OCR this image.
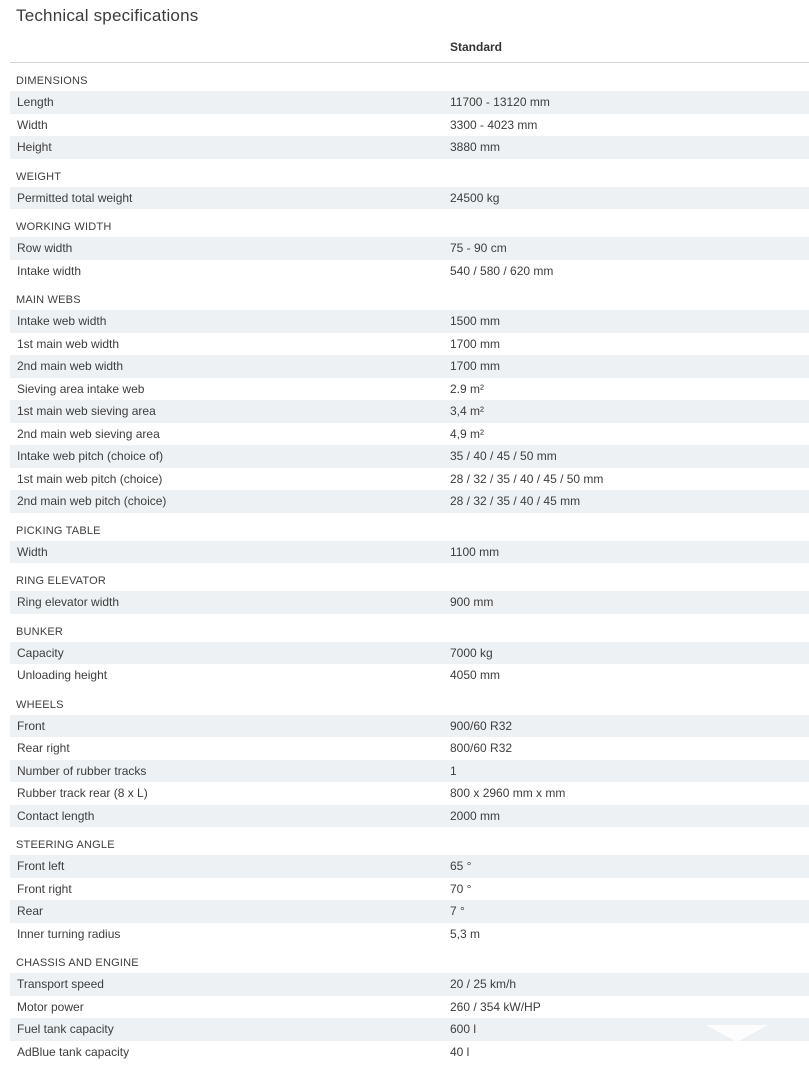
Technical specifications
Standard
DIMENSIONS
Length	11700 - 13120 mm
Width	3300 - 4023 mm
Height	3880 mm
WEIGHT
Permitted total weight	24500 kg
WORKING WIDTH
Row width	75 - 90 cm
Intake width	540 / 580 / 620 mm
MAIN WEBS
Intake web width	1500 mm
1st main web width	1700 mm
2nd main web width	1700 mm
Sieving area intake web	2.9 m²
1st main web sieving area	3,4 m²
2nd main web sieving area	4,9 m²
Intake web pitch (choice of)	35 / 40 / 45 / 50 mm
1st main web pitch (choice)	28 / 32 / 35 / 40 / 45 / 50 mm
2nd main web pitch (choice)	28 / 32 / 35 / 40 / 45 mm
PICKING TABLE
Width	1100 mm
RING ELEVATOR
Ring elevator width	900 mm
BUNKER
Capacity	7000 kg
Unloading height	4050 mm
WHEELS
Front	900/60 R32
Rear right	800/60 R32
Number of rubber tracks	1
Rubber track rear (8 x L)	800 x 2960 mm x mm
Contact length	2000 mm
STEERING ANGLE
Front left	65 °
Front right	70 °
Rear	7 °
Inner turning radius	5,3 m
CHASSIS AND ENGINE
Transport speed	20 / 25 km/h
Motor power	260 / 354 kW/HP
Fuel tank capacity	600 l
AdBlue tank capacity	40 l
